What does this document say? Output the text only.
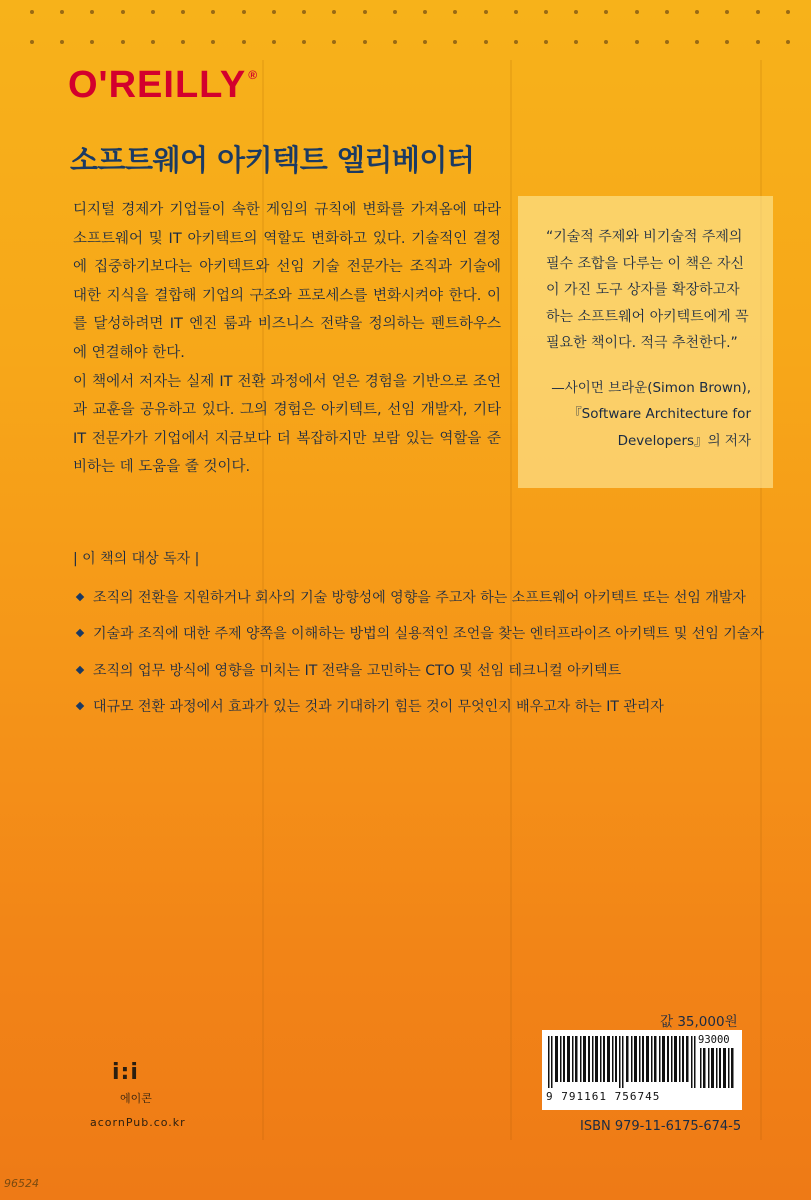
O'REILLY ®
소프트웨어 아키텍트 엘리베이터

디지털 경제가 기업들이 속한 게임의 규칙에 변화를 가져옴에 따라 소프트웨어 및 IT 아키텍트의 역할도 변화하고 있다. 기술적인 결정에 집중하기보다는 아키텍트와 선임 기술 전문가는 조직과 기술에 대한 지식을 결합해 기업의 구조와 프로세스를 변화시켜야 한다. 이를 달성하려면 IT 엔진 룸과 비즈니스 전략을 정의하는 펜트하우스에 연결해야 한다.

이 책에서 저자는 실제 IT 전환 과정에서 얻은 경험을 기반으로 조언과 교훈을 공유하고 있다. 그의 경험은 아키텍트, 선임 개발자, 기타 IT 전문가가 기업에서 지금보다 더 복잡하지만 보람 있는 역할을 준비하는 데 도움을 줄 것이다.

“기술적 주제와 비기술적 주제의 필수 조합을 다루는 이 책은 자신이 가진 도구 상자를 확장하고자 하는 소프트웨어 아키텍트에게 꼭 필요한 책이다. 적극 추천한다.”

—사이먼 브라운(Simon Brown),
『Software Architecture for
Developers』의 저자
| 이 책의 대상 독자 |
조직의 전환을 지원하거나 회사의 기술 방향성에 영향을 주고자 하는 소프트웨어 아키텍트 또는 선임 개발자
기술과 조직에 대한 주제 양쪽을 이해하는 방법의 실용적인 조언을 찾는 엔터프라이즈 아키텍트 및 선임 기술자
조직의 업무 방식에 영향을 미치는 IT 전략을 고민하는 CTO 및 선임 테크니컬 아키텍트
대규모 전환 과정에서 효과가 있는 것과 기대하기 힘든 것이 무엇인지 배우고자 하는 IT 관리자
값 35,000원
93000
9 791161 756745
ISBN 979-11-6175-674-5
i:i
에이콘
acornPub.co.kr
96524
